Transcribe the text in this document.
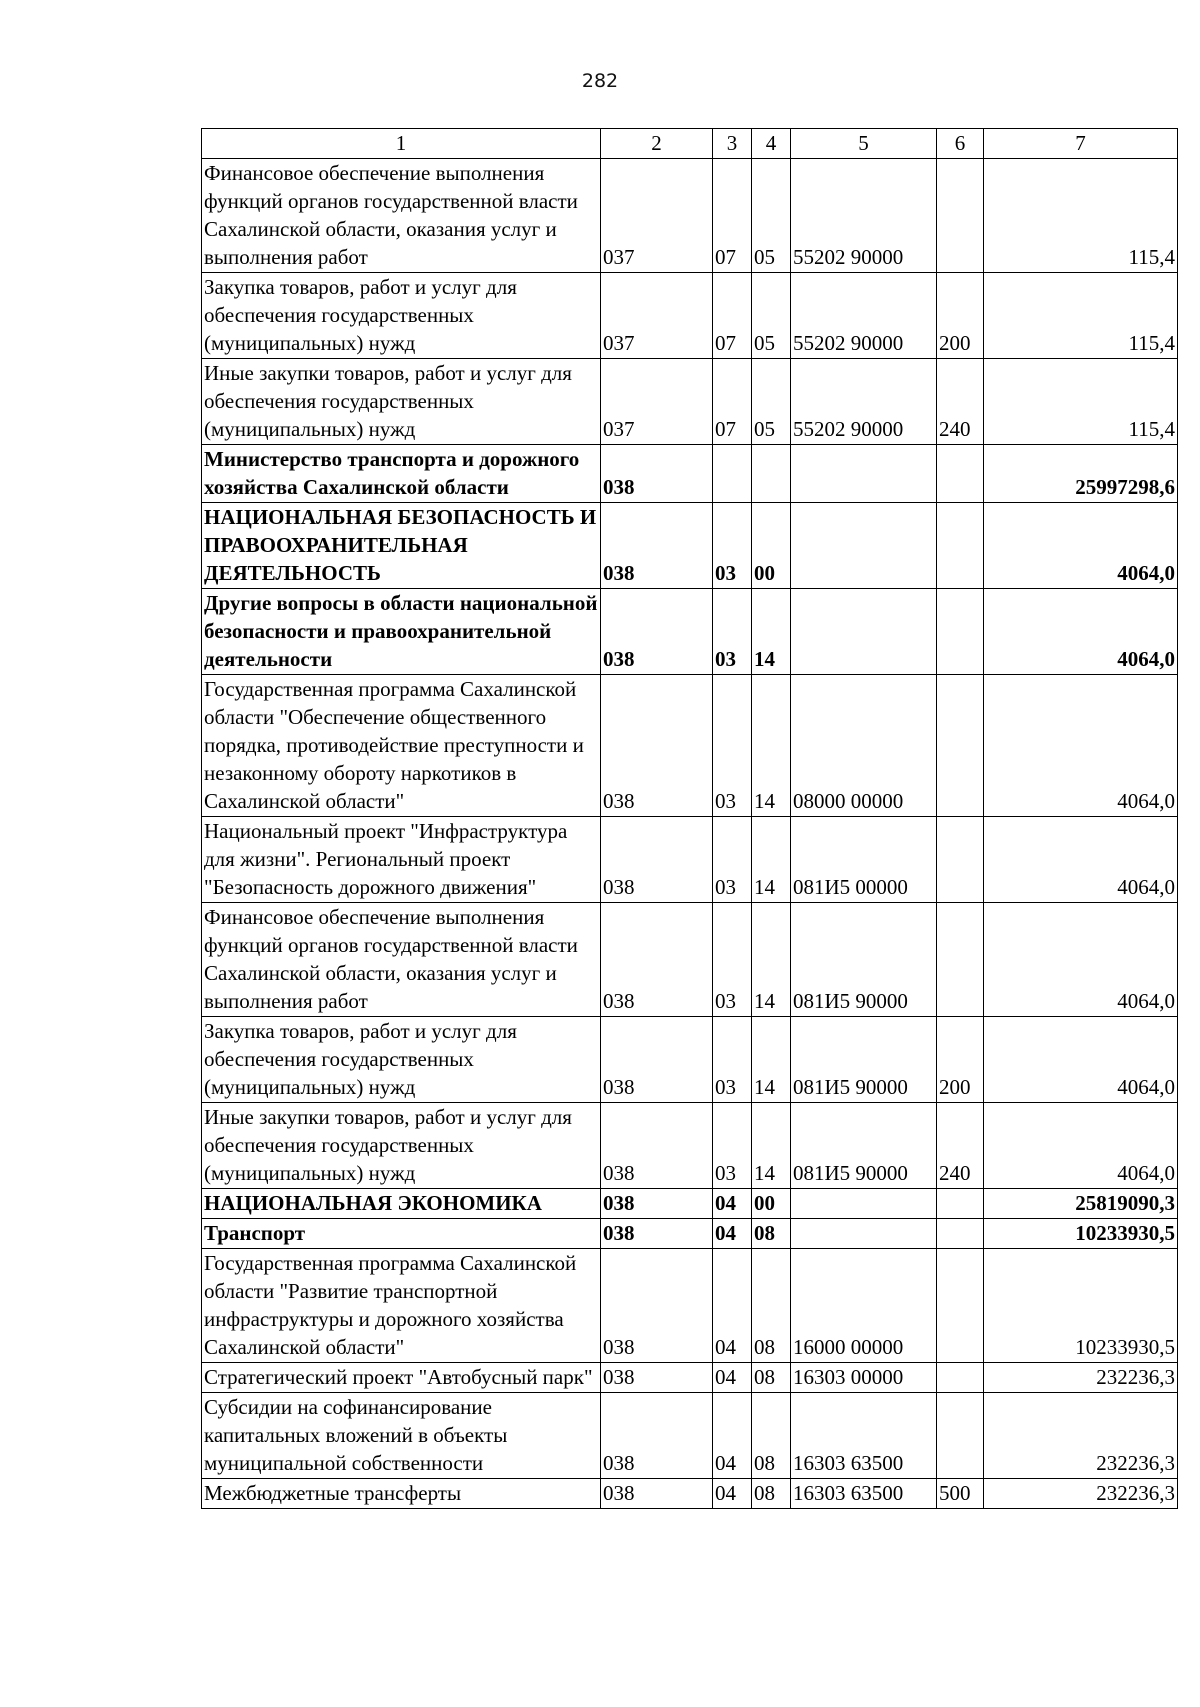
282
1	2	3	4	5	6	7
Финансовое обеспечение выполнения функций органов государственной власти Сахалинской области, оказания услуг и выполнения работ	037	07	05	55202 90000		115,4
Закупка товаров, работ и услуг для обеспечения государственных (муниципальных) нужд	037	07	05	55202 90000	200	115,4
Иные закупки товаров, работ и услуг для обеспечения государственных (муниципальных) нужд	037	07	05	55202 90000	240	115,4
Министерство транспорта и дорожного хозяйства Сахалинской области	038					25997298,6
НАЦИОНАЛЬНАЯ БЕЗОПАСНОСТЬ И ПРАВООХРАНИТЕЛЬНАЯ ДЕЯТЕЛЬНОСТЬ	038	03	00			4064,0
Другие вопросы в области национальной безопасности и правоохранительной деятельности	038	03	14			4064,0
Государственная программа Сахалинской области "Обеспечение общественного порядка, противодействие преступности и незаконному обороту наркотиков в Сахалинской области"	038	03	14	08000 00000		4064,0
Национальный проект "Инфраструктура для жизни". Региональный проект "Безопасность дорожного движения"	038	03	14	081И5 00000		4064,0
Финансовое обеспечение выполнения функций органов государственной власти Сахалинской области, оказания услуг и выполнения работ	038	03	14	081И5 90000		4064,0
Закупка товаров, работ и услуг для обеспечения государственных (муниципальных) нужд	038	03	14	081И5 90000	200	4064,0
Иные закупки товаров, работ и услуг для обеспечения государственных (муниципальных) нужд	038	03	14	081И5 90000	240	4064,0
НАЦИОНАЛЬНАЯ ЭКОНОМИКА	038	04	00			25819090,3
Транспорт	038	04	08			10233930,5
Государственная программа Сахалинской области "Развитие транспортной инфраструктуры и дорожного хозяйства Сахалинской области"	038	04	08	16000 00000		10233930,5
Стратегический проект "Автобусный парк"	038	04	08	16303 00000		232236,3
Субсидии на софинансирование капитальных вложений в объекты муниципальной собственности	038	04	08	16303 63500		232236,3
Межбюджетные трансферты	038	04	08	16303 63500	500	232236,3
